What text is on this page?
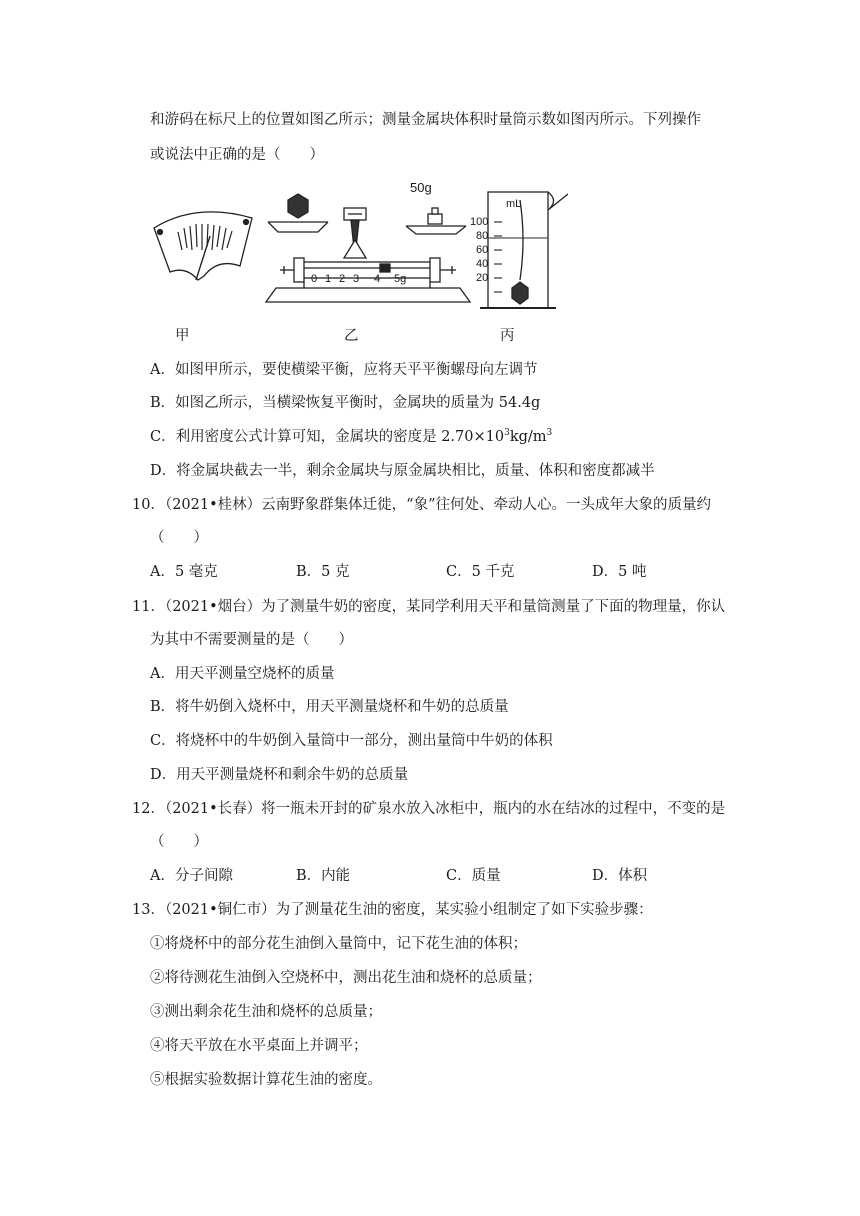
和游码在标尺上的位置如图乙所示；测量金属块体积时量筒示数如图丙所示。下列操作
或说法中正确的是（　　）
50g
0 1 2 3 4 5g
mL
100
80
60
40
20
甲	乙	丙
A．如图甲所示，要使横梁平衡，应将天平平衡螺母向左调节
B．如图乙所示，当横梁恢复平衡时，金属块的质量为 54.4g
C．利用密度公式计算可知，金属块的密度是 $2.70\times 10^3kg/m^3$
D．将金属块截去一半，剩余金属块与原金属块相比，质量、体积和密度都减半
10．（2021•桂林）云南野象群集体迁徙，“象”往何处、牵动人心。一头成年大象的质量约
（　　）
A．5 毫克	B．5 克	C．5 千克	D．5 吨
11．（2021•烟台）为了测量牛奶的密度，某同学利用天平和量筒测量了下面的物理量，你认
为其中不需要测量的是（　　）
A．用天平测量空烧杯的质量
B．将牛奶倒入烧杯中，用天平测量烧杯和牛奶的总质量
C．将烧杯中的牛奶倒入量筒中一部分，测出量筒中牛奶的体积
D．用天平测量烧杯和剩余牛奶的总质量
12．（2021•长春）将一瓶未开封的矿泉水放入冰柜中，瓶内的水在结冰的过程中，不变的是
（　　）
A．分子间隙	B．内能	C．质量	D．体积
13．（2021•铜仁市）为了测量花生油的密度，某实验小组制定了如下实验步骤：
①将烧杯中的部分花生油倒入量筒中，记下花生油的体积；
②将待测花生油倒入空烧杯中，测出花生油和烧杯的总质量；
③测出剩余花生油和烧杯的总质量；
④将天平放在水平桌面上并调平；
⑤根据实验数据计算花生油的密度。
